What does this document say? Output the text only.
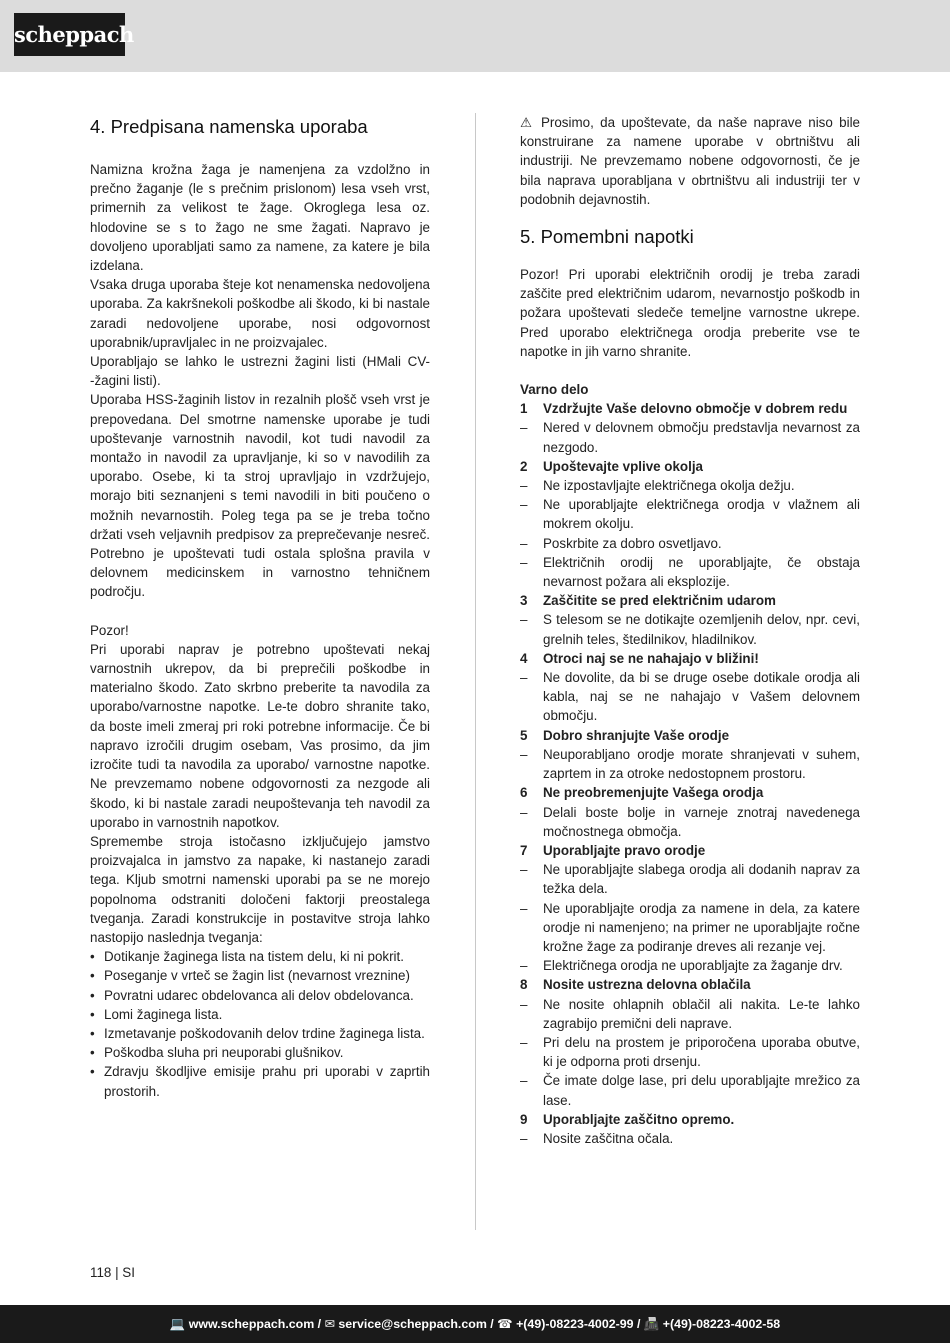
scheppach
4. Predpisana namenska uporaba

Namizna krožna žaga je namenjena za vzdolžno in prečno žaganje (le s prečnim prislonom) lesa vseh vrst, primernih za velikost te žage. Okroglega lesa oz. hlodovine se s to žago ne sme žagati. Napravo je dovoljeno uporabljati samo za namene, za katere je bila izdelana.

Vsaka druga uporaba šteje kot nenamenska nedovoljena uporaba. Za kakršnekoli poškodbe ali škodo, ki bi nastale zaradi nedovoljene uporabe, nosi odgovornost uporabnik/upravljalec in ne proizvajalec.

Uporabljajo se lahko le ustrezni žagini listi (HMali CV- -žagini listi).

Uporaba HSS-žaginih listov in rezalnih plošč vseh vrst je prepovedana. Del smotrne namenske uporabe je tudi upoštevanje varnostnih navodil, kot tudi navodil za montažo in navodil za upravljanje, ki so v navodilih za uporabo. Osebe, ki ta stroj upravljajo in vzdržujejo, morajo biti seznanjeni s temi navodili in biti poučeno o možnih nevarnostih. Poleg tega pa se je treba točno držati vseh veljavnih predpisov za preprečevanje nesreč. Potrebno je upoštevati tudi ostala splošna pravila v delovnem medicinskem in varnostno tehničnem področju.

Pozor!

Pri uporabi naprav je potrebno upoštevati nekaj varnostnih ukrepov, da bi preprečili poškodbe in materialno škodo. Zato skrbno preberite ta navodila za uporabo/varnostne napotke. Le-te dobro shranite tako, da boste imeli zmeraj pri roki potrebne informacije. Če bi napravo izročili drugim osebam, Vas prosimo, da jim izročite tudi ta navodila za uporabo/ varnostne napotke. Ne prevzemamo nobene odgovornosti za nezgode ali škodo, ki bi nastale zaradi neupoštevanja teh navodil za uporabo in varnostnih napotkov.

Spremembe stroja istočasno izključujejo jamstvo proizvajalca in jamstvo za napake, ki nastanejo zaradi tega. Kljub smotrni namenski uporabi pa se ne morejo popolnoma odstraniti določeni faktorji preostalega tveganja. Zaradi konstrukcije in postavitve stroja lahko nastopijo naslednja tveganja:

• Dotikanje žaginega lista na tistem delu, ki ni pokrit.
• Poseganje v vrteč se žagin list (nevarnost vreznine)
• Povratni udarec obdelovanca ali delov obdelovanca.
• Lomi žaginega lista.
• Izmetavanje poškodovanih delov trdine žaginega lista.
• Poškodba sluha pri neuporabi glušnikov.
• Zdravju škodljive emisije prahu pri uporabi v zaprtih prostorih.

⚠ Prosimo, da upoštevate, da naše naprave niso bile konstruirane za namene uporabe v obrtništvu ali industriji. Ne prevzemamo nobene odgovornosti, če je bila naprava uporabljana v obrtništvu ali industriji ter v podobnih dejavnostih.

5. Pomembni napotki

Pozor! Pri uporabi električnih orodij je treba zaradi zaščite pred električnim udarom, nevarnostjo poškodb in požara upoštevati sledeče temeljne varnostne ukrepe. Pred uporabo električnega orodja preberite vse te napotke in jih varno shranite.

Varno delo
1	Vzdržujte Vaše delovno območje v dobrem redu
–	Nered v delovnem območju predstavlja nevarnost za nezgodo.
2	Upoštevajte vplive okolja
–	Ne izpostavljajte električnega okolja dežju.
–	Ne uporabljajte električnega orodja v vlažnem ali mokrem okolju.
–	Poskrbite za dobro osvetljavo.
–	Električnih orodij ne uporabljajte, če obstaja nevarnost požara ali eksplozije.
3	Zaščitite se pred električnim udarom
–	S telesom se ne dotikajte ozemljenih delov, npr. cevi, grelnih teles, štedilnikov, hladilnikov.
4	Otroci naj se ne nahajajo v bližini!
–	Ne dovolite, da bi se druge osebe dotikale orodja ali kabla, naj se ne nahajajo v Vašem delovnem območju.
5	Dobro shranjujte Vaše orodje
–	Neuporabljano orodje morate shranjevati v suhem, zaprtem in za otroke nedostopnem prostoru.
6	Ne preobremenjujte Vašega orodja
–	Delali boste bolje in varneje znotraj navedenega močnostnega območja.
7	Uporabljajte pravo orodje
–	Ne uporabljajte slabega orodja ali dodanih naprav za težka dela.
–	Ne uporabljajte orodja za namene in dela, za katere orodje ni namenjeno; na primer ne uporabljajte ročne krožne žage za podiranje dreves ali rezanje vej.
–	Električnega orodja ne uporabljajte za žaganje drv.
8	Nosite ustrezna delovna oblačila
–	Ne nosite ohlapnih oblačil ali nakita. Le-te lahko zagrabijo premični deli naprave.
–	Pri delu na prostem je priporočena uporaba obutve, ki je odporna proti drsenju.
–	Če imate dolge lase, pri delu uporabljajte mrežico za lase.
9	Uporabljajte zaščitno opremo.
–	Nosite zaščitna očala.
118 | SI
💻 www.scheppach.com / ✉ service@scheppach.com / ☎ +(49)-08223-4002-99 / 📠 +(49)-08223-4002-58
